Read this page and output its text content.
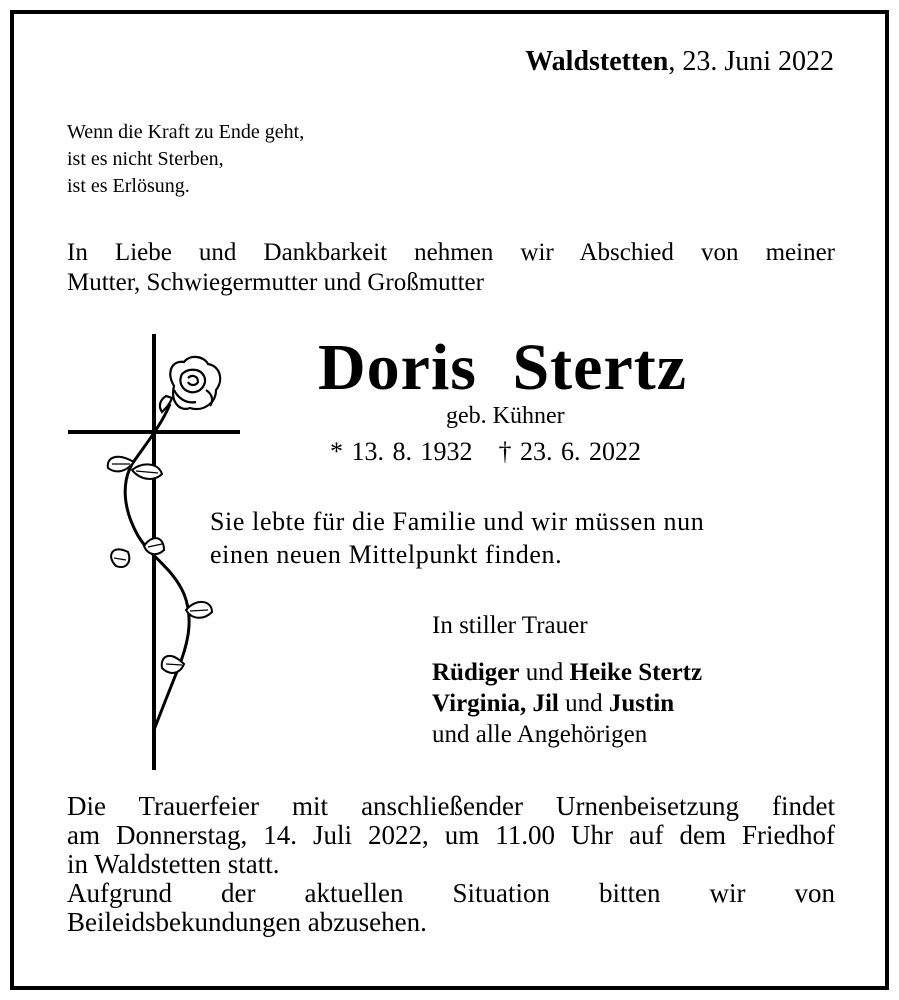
Waldstetten, 23. Juni 2022
Wenn die Kraft zu Ende geht,
ist es nicht Sterben,
ist es Erlösung.
In Liebe und Dankbarkeit nehmen wir Abschied von meiner
Mutter, Schwiegermutter und Großmutter
Doris Stertz
geb. Kühner
* 13. 8. 1932 † 23. 6. 2022
Sie lebte für die Familie und wir müssen nun
einen neuen Mittelpunkt finden.
In stiller Trauer
Rüdiger und Heike Stertz
Virginia, Jil und Justin
und alle Angehörigen
Die Trauerfeier mit anschließender Urnenbeisetzung findet
am Donnerstag, 14. Juli 2022, um 11.00 Uhr auf dem Friedhof
in Waldstetten statt.
Aufgrund der aktuellen Situation bitten wir von
Beileidsbekundungen abzusehen.
